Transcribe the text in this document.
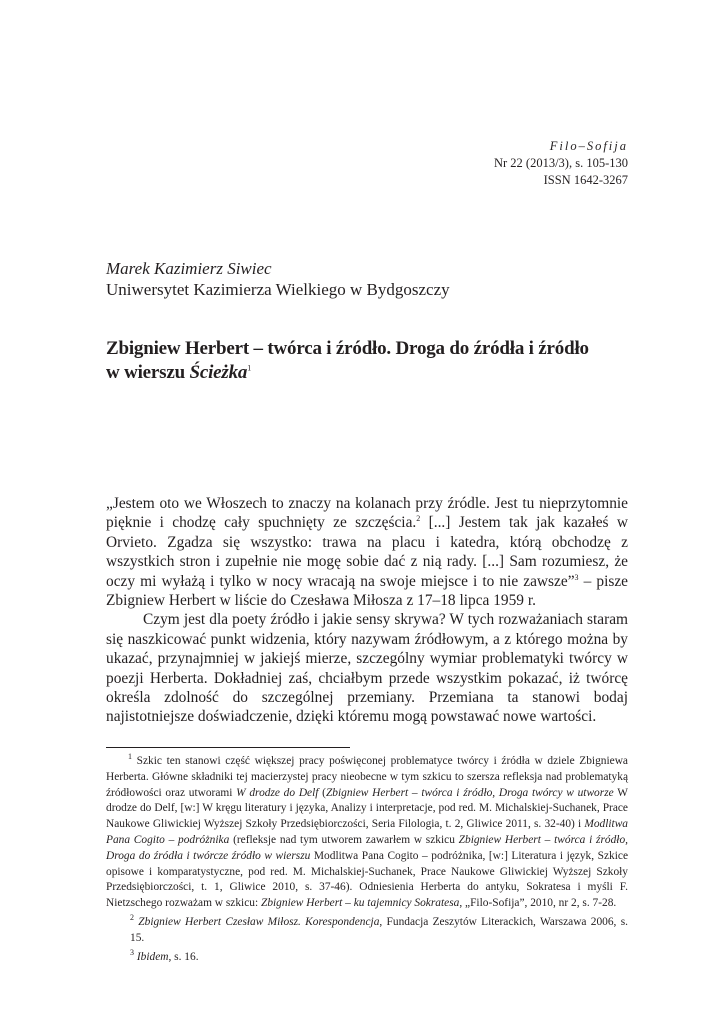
Filo–Sofija
Nr 22 (2013/3), s. 105-130
ISSN 1642-3267
Marek Kazimierz Siwiec
Uniwersytet Kazimierza Wielkiego w Bydgoszczy
Zbigniew Herbert – twórca i źródło. Droga do źródła i źródło
w wierszu Ścieżka$^1$

„Jestem oto we Włoszech to znaczy na kolanach przy źródle. Jest tu nieprzytomnie pięknie i chodzę cały spuchnięty ze szczęścia.$^2$ [...] Jestem tak jak kazałeś w Orvieto. Zgadza się wszystko: trawa na placu i katedra, którą obchodzę z wszystkich stron i zupełnie nie mogę sobie dać z nią rady. [...] Sam rozumiesz, że oczy mi wyłażą i tylko w nocy wracają na swoje miejsce i to nie zawsze”$^3$ – pisze Zbigniew Herbert w liście do Czesława Miłosza z 17–18 lipca 1959 r.

Czym jest dla poety źródło i jakie sensy skrywa? W tych rozważaniach staram się naszkicować punkt widzenia, który nazywam źródłowym, a z którego można by ukazać, przynajmniej w jakiejś mierze, szczególny wymiar problematyki twórcy w poezji Herberta. Dokładniej zaś, chciałbym przede wszystkim pokazać, iż twórcę określa zdolność do szczególnej przemiany. Przemiana ta stanowi bodaj najistotniejsze doświadczenie, dzięki któremu mogą powstawać nowe wartości.

$^1$ Szkic ten stanowi część większej pracy poświęconej problematyce twórcy i źródła w dziele Zbigniewa Herberta. Główne składniki tej macierzystej pracy nieobecne w tym szkicu to szersza refleksja nad problematyką źródłowości oraz utworami W drodze do Delf (Zbigniew Herbert – twórca i źródło, Droga twórcy w utworze W drodze do Delf, [w:] W kręgu literatury i języka, Analizy i interpretacje, pod red. M. Michalskiej-Suchanek, Prace Naukowe Gliwickiej Wyższej Szkoły Przedsiębiorczości, Seria Filologia, t. 2, Gliwice 2011, s. 32-40) i Modlitwa Pana Cogito – podróżnika (refleksje nad tym utworem zawarłem w szkicu Zbigniew Herbert – twórca i źródło, Droga do źródła i twórcze źródło w wierszu Modlitwa Pana Cogito – podróżnika, [w:] Literatura i język, Szkice opisowe i komparatystyczne, pod red. M. Michalskiej-Suchanek, Prace Naukowe Gliwickiej Wyższej Szkoły Przedsiębiorczości, t. 1, Gliwice 2010, s. 37-46). Odniesienia Herberta do antyku, Sokratesa i myśli F. Nietzschego rozważam w szkicu: Zbigniew Herbert – ku tajemnicy Sokratesa, „Filo-Sofija”, 2010, nr 2, s. 7-28.

$^2$ Zbigniew Herbert Czesław Miłosz. Korespondencja, Fundacja Zeszytów Literackich, Warszawa 2006, s. 15.

$^3$ Ibidem, s. 16.
